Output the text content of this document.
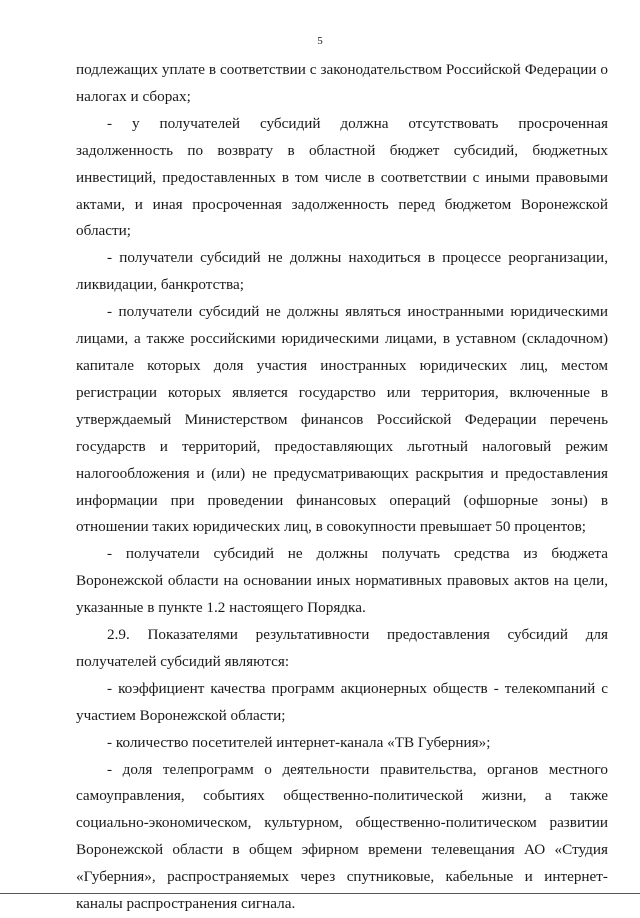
5

подлежащих уплате в соответствии с законодательством Российской Федерации о налогах и сборах;

- у получателей субсидий должна отсутствовать просроченная задолженность по возврату в областной бюджет субсидий, бюджетных инвестиций, предоставленных в том числе в соответствии с иными правовыми актами, и иная просроченная задолженность перед бюджетом Воронежской области;

- получатели субсидий не должны находиться в процессе реорганизации, ликвидации, банкротства;

- получатели субсидий не должны являться иностранными юридическими лицами, а также российскими юридическими лицами, в уставном (складочном) капитале которых доля участия иностранных юридических лиц, местом регистрации которых является государство или территория, включенные в утверждаемый Министерством финансов Российской Федерации перечень государств и территорий, предоставляющих льготный налоговый режим налогообложения и (или) не предусматривающих раскрытия и предоставления информации при проведении финансовых операций (офшорные зоны) в отношении таких юридических лиц, в совокупности превышает 50 процентов;

- получатели субсидий не должны получать средства из бюджета Воронежской области на основании иных нормативных правовых актов на цели, указанные в пункте 1.2 настоящего Порядка.

2.9. Показателями результативности предоставления субсидий для получателей субсидий являются:

- коэффициент качества программ акционерных обществ - телекомпаний с участием Воронежской области;

- количество посетителей интернет-канала «ТВ Губерния»;

- доля телепрограмм о деятельности правительства, органов местного самоуправления, событиях общественно-политической жизни, а также социально-экономическом, культурном, общественно-политическом развитии Воронежской области в общем эфирном времени телевещания АО «Студия «Губерния», распространяемых через спутниковые, кабельные и интернет-каналы распространения сигнала.
